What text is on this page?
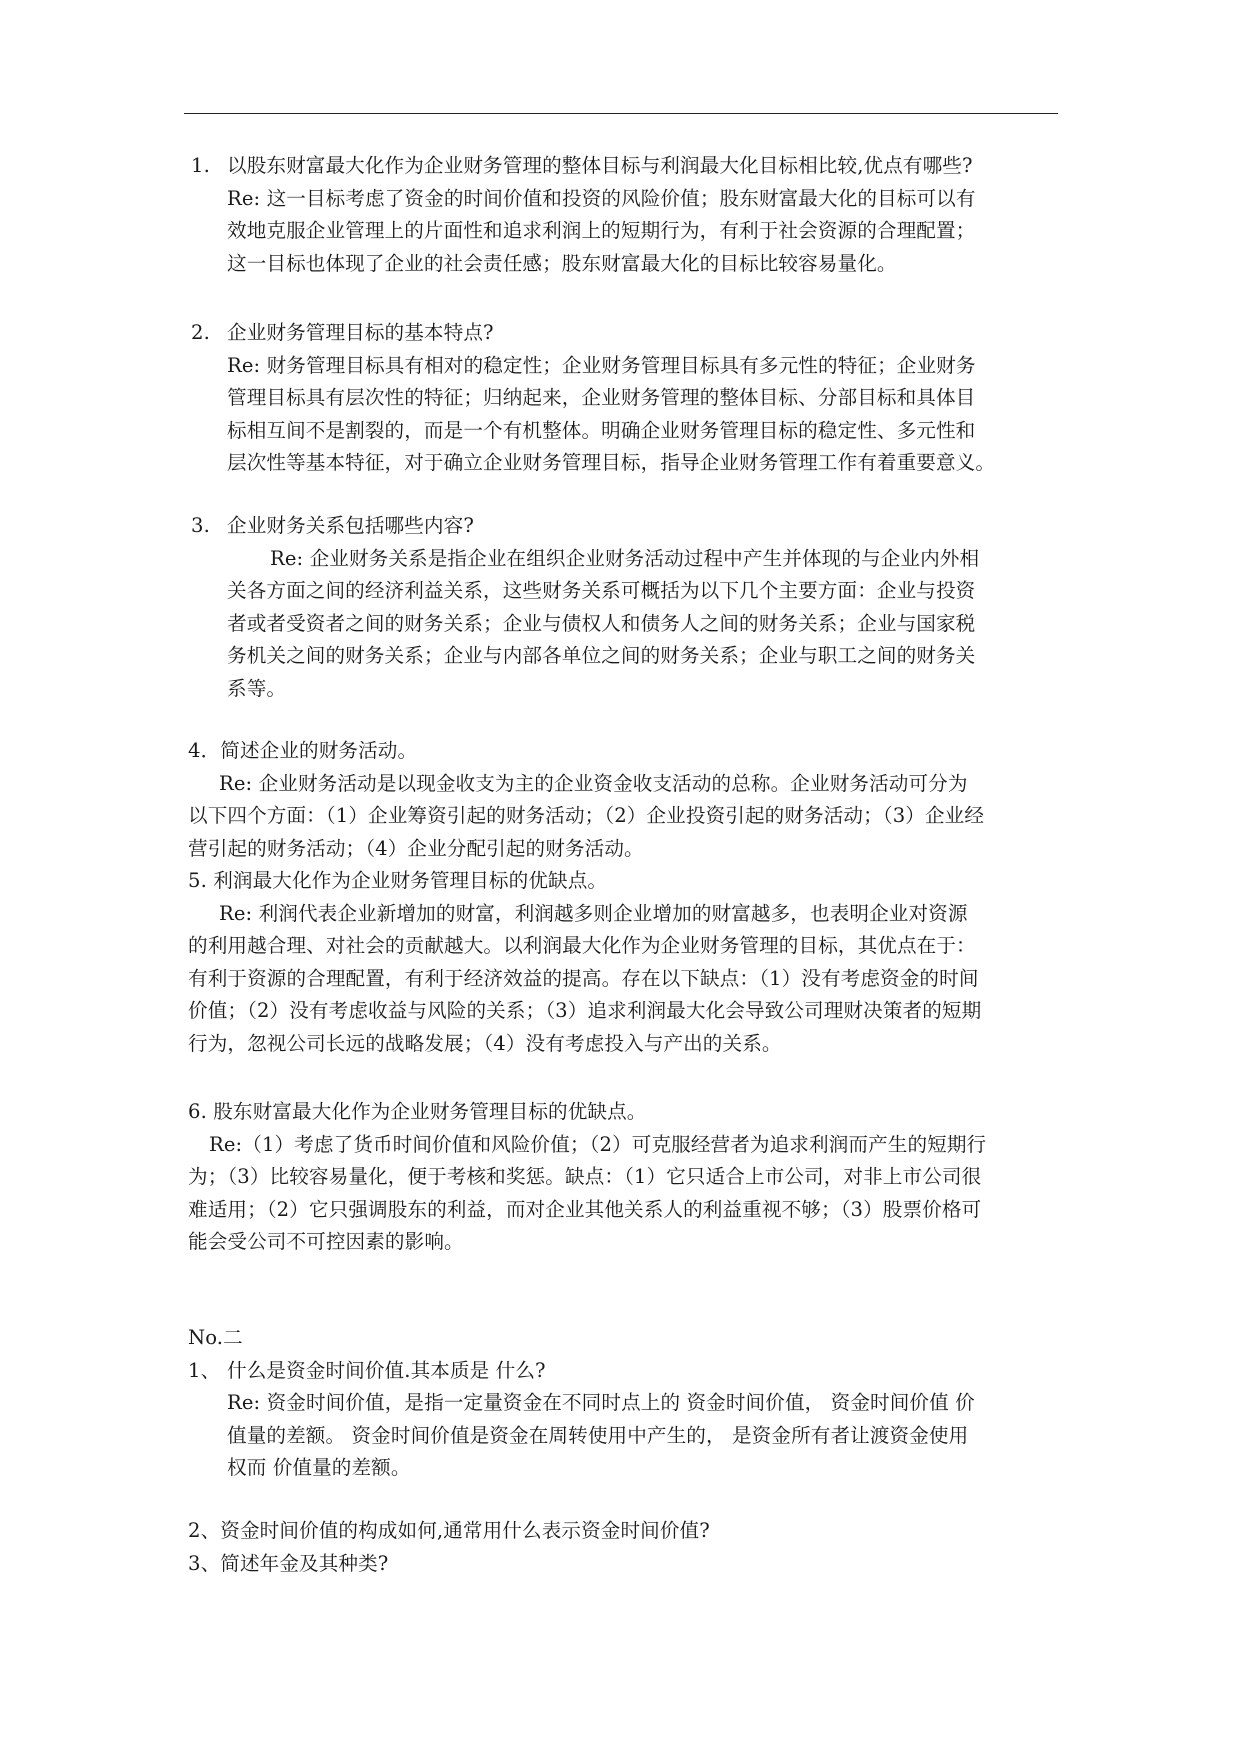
1. 以股东财富最大化作为企业财务管理的整体目标与利润最大化目标相比较,优点有哪些?
Re: 这一目标考虑了资金的时间价值和投资的风险价值；股东财富最大化的目标可以有
效地克服企业管理上的片面性和追求利润上的短期行为，有利于社会资源的合理配置；
这一目标也体现了企业的社会责任感；股东财富最大化的目标比较容易量化。
2. 企业财务管理目标的基本特点?
Re: 财务管理目标具有相对的稳定性；企业财务管理目标具有多元性的特征；企业财务
管理目标具有层次性的特征；归纳起来，企业财务管理的整体目标、分部目标和具体目
标相互间不是割裂的，而是一个有机整体。明确企业财务管理目标的稳定性、多元性和
层次性等基本特征，对于确立企业财务管理目标，指导企业财务管理工作有着重要意义。
3. 企业财务关系包括哪些内容?
Re: 企业财务关系是指企业在组织企业财务活动过程中产生并体现的与企业内外相
关各方面之间的经济利益关系，这些财务关系可概括为以下几个主要方面：企业与投资
者或者受资者之间的财务关系；企业与债权人和债务人之间的财务关系；企业与国家税
务机关之间的财务关系；企业与内部各单位之间的财务关系；企业与职工之间的财务关
系等。
4．简述企业的财务活动。
Re: 企业财务活动是以现金收支为主的企业资金收支活动的总称。企业财务活动可分为
以下四个方面：（1）企业筹资引起的财务活动；（2）企业投资引起的财务活动；（3）企业经
营引起的财务活动；（4）企业分配引起的财务活动。
5. 利润最大化作为企业财务管理目标的优缺点。
Re: 利润代表企业新增加的财富，利润越多则企业增加的财富越多，也表明企业对资源
的利用越合理、对社会的贡献越大。以利润最大化作为企业财务管理的目标，其优点在于：
有利于资源的合理配置，有利于经济效益的提高。存在以下缺点：（1）没有考虑资金的时间
价值；（2）没有考虑收益与风险的关系；（3）追求利润最大化会导致公司理财决策者的短期
行为，忽视公司长远的战略发展；（4）没有考虑投入与产出的关系。
6. 股东财富最大化作为企业财务管理目标的优缺点。
Re:（1）考虑了货币时间价值和风险价值；（2）可克服经营者为追求利润而产生的短期行
为；（3）比较容易量化，便于考核和奖惩。缺点：（1）它只适合上市公司，对非上市公司很
难适用；（2）它只强调股东的利益，而对企业其他关系人的利益重视不够；（3）股票价格可
能会受公司不可控因素的影响。
No.二
1、 什么是资金时间价值.其本质是 什么?
Re: 资金时间价值，是指一定量资金在不同时点上的 资金时间价值， 资金时间价值 价
值量的差额。 资金时间价值是资金在周转使用中产生的， 是资金所有者让渡资金使用
权而 价值量的差额。
2、资金时间价值的构成如何,通常用什么表示资金时间价值?
3、简述年金及其种类?
